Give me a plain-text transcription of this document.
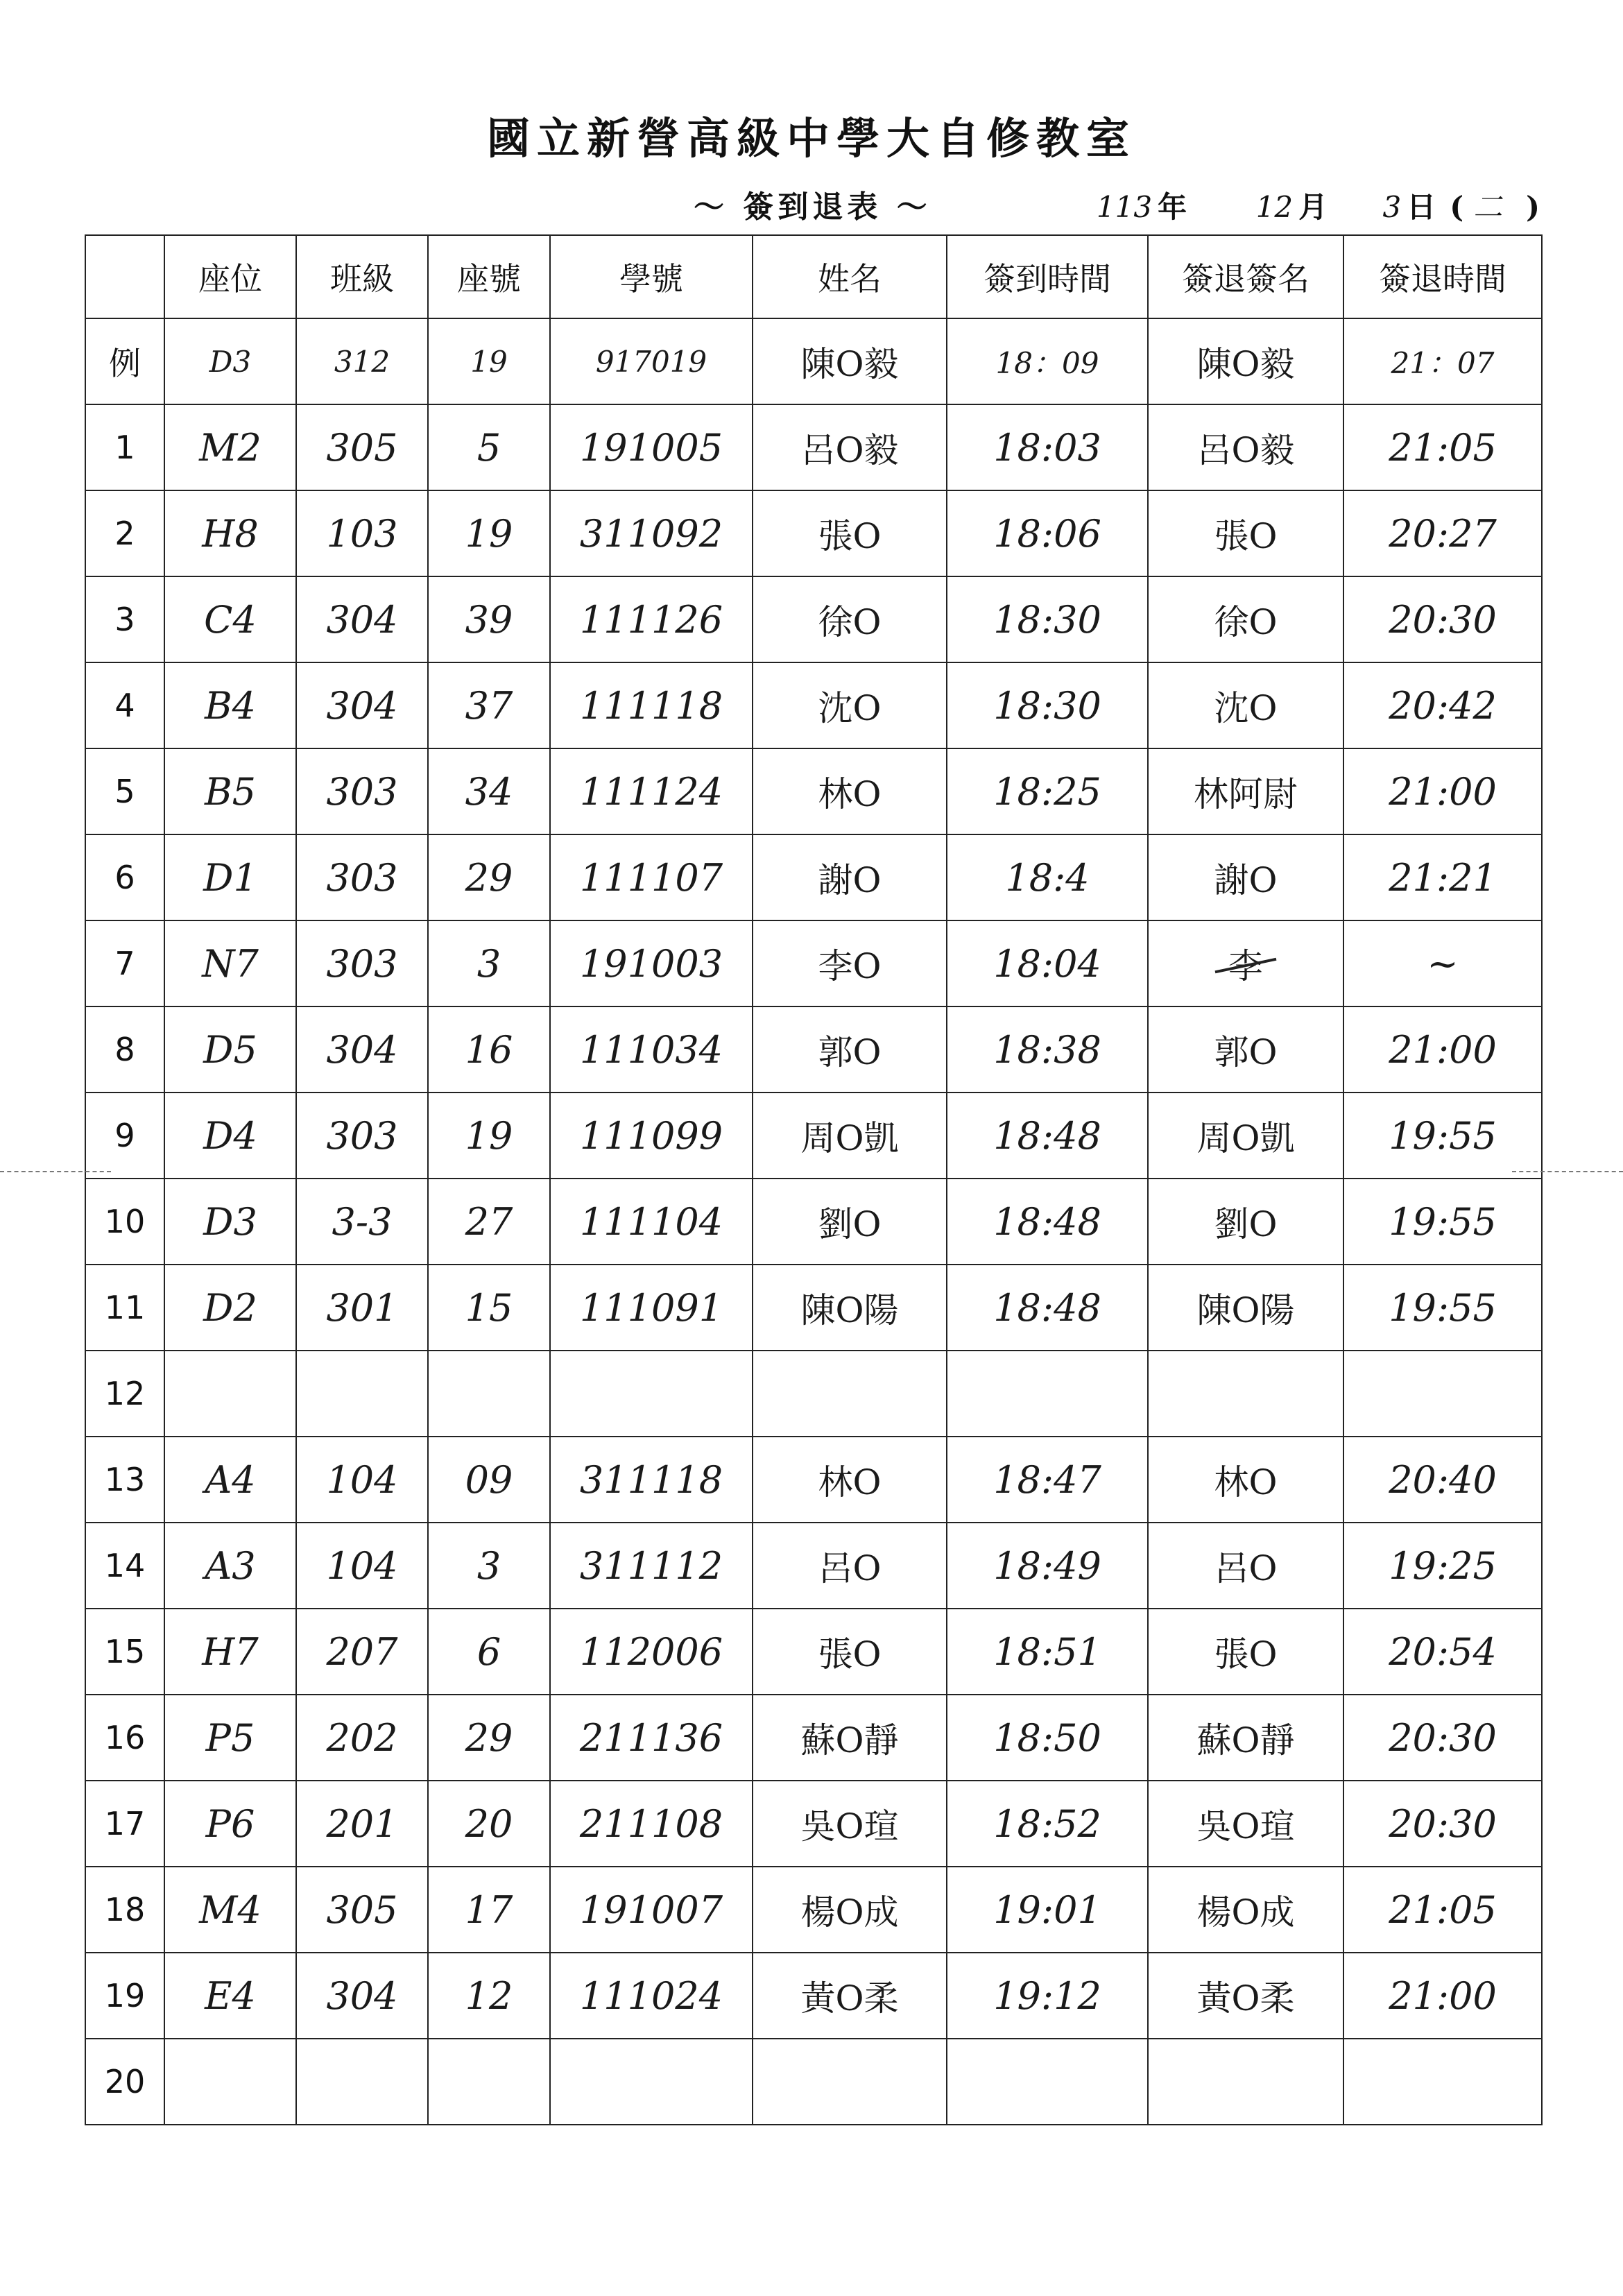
國立新營高級中學大自修教室
～ 簽到退表 ～	113 年 12 月 3 日 ( 二 )
	座位	班級	座號	學號	姓名	簽到時間	簽退簽名	簽退時間
例	D3	312	19	917019	陳O毅	18：09	陳O毅	21：07
1	M2	305	5	191005	呂O毅	18:03	呂O毅	21:05
2	H8	103	19	311092	張O	18:06	張O	20:27
3	C4	304	39	111126	徐O	18:30	徐O	20:30
4	B4	304	37	111118	沈O	18:30	沈O	20:42
5	B5	303	34	111124	林O	18:25	林阿尉	21:00
6	D1	303	29	111107	謝O	18:4	謝O	21:21
7	N7	303	3	191003	李O	18:04	李	~
8	D5	304	16	111034	郭O	18:38	郭O	21:00
9	D4	303	19	111099	周O凱	18:48	周O凱	19:55
10	D3	3-3	27	111104	劉O	18:48	劉O	19:55
11	D2	301	15	111091	陳O陽	18:48	陳O陽	19:55
12								
13	A4	104	09	311118	林O	18:47	林O	20:40
14	A3	104	3	311112	呂O	18:49	呂O	19:25
15	H7	207	6	112006	張O	18:51	張O	20:54
16	P5	202	29	211136	蘇O靜	18:50	蘇O靜	20:30
17	P6	201	20	211108	吳O瑄	18:52	吳O瑄	20:30
18	M4	305	17	191007	楊O成	19:01	楊O成	21:05
19	E4	304	12	111024	黃O柔	19:12	黃O柔	21:00
20								
